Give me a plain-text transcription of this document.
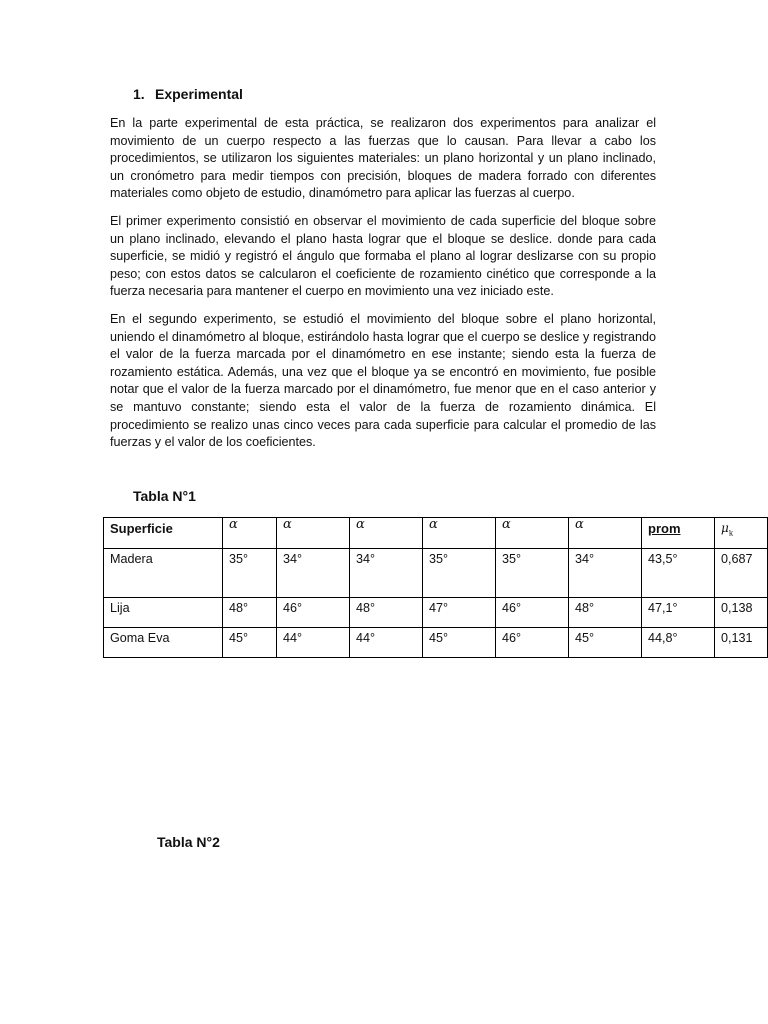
1. Experimental

En la parte experimental de esta práctica, se realizaron dos experimentos para analizar el movimiento de un cuerpo respecto a las fuerzas que lo causan. Para llevar a cabo los procedimientos, se utilizaron los siguientes materiales: un plano horizontal y un plano inclinado, un cronómetro para medir tiempos con precisión, bloques de madera forrado con diferentes materiales como objeto de estudio, dinamómetro para aplicar las fuerzas al cuerpo.

El primer experimento consistió en observar el movimiento de cada superficie del bloque sobre un plano inclinado, elevando el plano hasta lograr que el bloque se deslice. donde para cada superficie, se midió y registró el ángulo que formaba el plano al lograr deslizarse con su propio peso; con estos datos se calcularon el coeficiente de rozamiento cinético que corresponde a la fuerza necesaria para mantener el cuerpo en movimiento una vez iniciado este.

En el segundo experimento, se estudió el movimiento del bloque sobre el plano horizontal, uniendo el dinamómetro al bloque, estirándolo hasta lograr que el cuerpo se deslice y registrando el valor de la fuerza marcada por el dinamómetro en ese instante; siendo esta la fuerza de rozamiento estática. Además, una vez que el bloque ya se encontró en movimiento, fue posible notar que el valor de la fuerza marcado por el dinamómetro, fue menor que en el caso anterior y se mantuvo constante; siendo esta el valor de la fuerza de rozamiento dinámica. El procedimiento se realizo unas cinco veces para cada superficie para calcular el promedio de las fuerzas y el valor de los coeficientes.

Tabla N°1
Superficie	α	α	α	α	α	α	prom	$\mu_k$
Madera	35°	34°	34°	35°	35°	34°	43,5°	0,687
Lija	48°	46°	48°	47°	46°	48°	47,1°	0,138
Goma Eva	45°	44°	44°	45°	46°	45°	44,8°	0,131
Tabla N°2
